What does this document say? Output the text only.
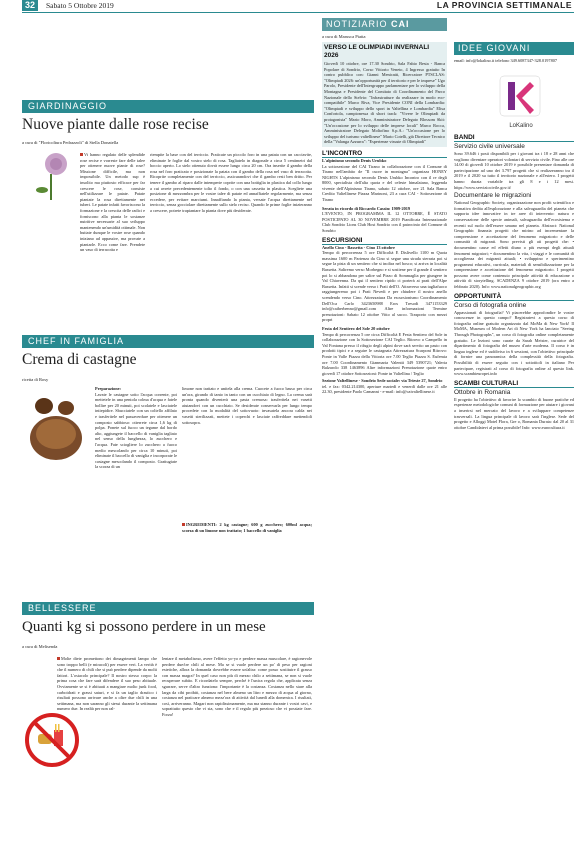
32	Sabato 5 Ottobre 2019	LA PROVINCIA SETTIMANALE
GIARDINAGGIO
Nuove piante dalle rose recise
a cura di "Floricoltura Pedrazzoli" di Stella Donatella
Vi hanno regalato delle splendide rose recise e vorreste fare delle talee per ottenere nuove piante di rose? Missione difficile, ma non impossibile. Un metodo sup è insolito ma piuttosto efficace per far crescere le rose, consiste nell'utilizzare le patate. Patate piantate la rosa direttamente nei tuberi. Le patate infatti favoriscono la formazione e la crescita delle radici e forniscono alla pianta le sostanze nutritive necessarie al suo sviluppo mantenendo un'umidità ottimale. Non buttate dunque le vostre rose quando iniziano ad appassire, ma provate a piantarle. Ecco come fare. Prendete un vaso di terracotta e
riempite la base con del terriccio. Praticate un piccolo foro in una patata con un cacciavite, eliminate le foglie dal vostro stelo di rosa. Tagliatelo in diagonale a circa 5 centimetri dal boccio aperto. Lo stelo ottenuto dovrà essere lungo circa 20 cm. Ora inserite il gambo della rosa nel foro praticato e posizionate la patata con il gambo della rosa nel vaso di terracotta. Ricoprite completamente con del terriccio, assicurandovi che il gambo resti ben dritto. Per tenere il gambo al riparo dalle intemperie coprite con una bottiglia in plastica dal collo lungo a cui avrete precedentemente tolto il fondo, o con una cassetta in plastica. Scegliete una posizione di mezzombra per le vostre talee di patate ed annaffiatele regolarmente, ma senza eccedere, per evitare marciumi. Innaffiando la pianta, versate l'acqua direttamente nel terriccio, senza gocciolare direttamente sullo stelo reciso. Quando le prime foglie inizieranno a crescere, potrete trapiantare la pianta dove più desiderate.
CHEF IN FAMIGLIA
Crema di castagne
ricetta di Rosy
Preparazione:
Lavate le castagne sotto l'acqua corrente, poi mettetele in una pentola colma d'acqua e fatele bollire per 20 minuti, poi scolatele e lasciatele intiepidire. Sbucciatele con un coltello affilato e trasferitele nel passaverdure per ottenere un composto sabbioso: otterrete circa 1,6 kg di polpa. Ponete sul fuoco un tegame dal bordo alto, aggiungete il baccello di vaniglia tagliato nel senso della lunghezza, lo zucchero e l'acqua. Fate sciogliere lo zucchero a fuoco medio mescolando per circa 10 minuti, poi eliminate il baccello di vaniglia e incorporate le castagne mescolando il composto. Grattugiate la scorza di un
limone non trattato e unitela alla crema. Cuocete a fuoco basso per circa un'ora, girando di tanto in tanto con un cucchiaio di legno. La crema sarà pronta quando diventerà una pasta cremosa: trasferitela nei vasetti aiutandovi con un cucchiaio. Se desiderate conservarla per lungo tempo procedete con la modalità del sottovuoto: invasatela ancora calda nei vasetti sterilizzati, mettete i coperchi e lasciate raffreddare mettendoli sottosopra.
INGREDIENTI: 2 kg castagne; 600 g zucchero; 600ml acqua; scorza di un limone non trattato; 1 baccello di vaniglia
BELLESSERE
Quanti kg si possono perdere in un mese
a cura di Melisenda
Molte diete promettono dei dimagrimenti lampo che sono troppo belli (e miracoli) per essere veri. La verità è che il numero di chili che si può perdere dipende da molti fattori. L'ostacolo principale? Il nostro stesso corpo: la prima cosa che fare sarà difendere il suo peso abituale. Ovviamente se si è abituati a mangiare molto junk food, carboidrati e grassi saturi, e si fa un taglio drastico i risultati possono arrivare anche a oltre due chili in una settimana, ma non saranno gli stessi durante la settimana numero due. In realtà per non ral-
lentare il metabolismo, avere l'effetto yo-yo e perdere massa muscolare, è ragionevole perdere due/tre chili al mese. Ma se si vuole perdere un po' di peso per ragioni estetiche, allora la domanda dovrebbe essere un'altra: come posso sostituire il grasso con massa magra? In quel caso non più di mezzo chilo a settimana, se non si vuole recuperare subito. E ricordatelo sempre, perché è l'unica regola che, applicata senza sgarrare, serve d'altro funziona: l'importante è la costanza. Costanza nello stare alla larga da cibi proibiti, costanza nel bere almeno un litro e mezzo di acqua al giorno, costanza nel praticare almeno mezz'ora di attività dal lunedì alla domenica. I risultati, così, arriveranno. Magari non rapidissimamente, ma ma stanno durante i vostri cavi, e soprattutto questo che vi sta, sono che e il regalo più prezioso che vi possiate fare. Forza!
NOTIZIARIO CAI
a cura di Marusca Piatta
VERSO LE OLIMPIADI INVERNALI 2026
Giovedì 10 ottobre, ore 17.30 Sondrio, Sala Fabio Besta - Banca Popolare di Sondrio, Corso Vittorio Veneto, 4 Ingresso gratuito In contro pubblico con: Gianni Menicatti, Ricercatore PTSCLAS: "Olimpiadi 2026: un'opportunità per il territorio e per le imprese" Ugo Parolo, Presidente dell'Intergruppo parlamentare per lo sviluppo della Montagna e Presidente del Comitato di Coordinamento del Parco Nazionale dello Stelvio: "Infrastrutture da realizzare in modo eco-compatibile" Marco Riva, Vice Presidente CONI della Lombardia: "Olimpiadi e sviluppo dello sport in Valtellina e Lombardia" Elisa Confortola, campionessa di short track: "Vivere le Olimpiadi da protagonista" Mario Moro, Amministratore Delegato Blossom Skit: "Un'occasione per lo sviluppo delle imprese locali" Marco Rocca, Amministratore Delegato Moltofino S.p.A.: "Un'occasione per lo sviluppo del turismo valtellinese" Mario Cotelli, già Direttore Tecnico della "Valanga Azzurra": "Esperienze vissute di Olimpiadi"
L'INCONTRO
L'alpinismo secondo Denis Urubko
La sottosezione del CAI Tirano in collaborazione con il Comune di Tirano nell'ambito de "Il cuore in montagna" organizza HONEY NIGHTS L'alpinismo secondo Denis Urubko Incontro con il re degli 8000, specialista dell'alta quota e del celeste himalaiano, leggenda vivente dell'Alpinismo Tirano, sabato 12 ottobre, ore 21 Sala Banca Credito Valtellinese Piazza Marinoni, 23 a cura CAI - Sottosezione di Tirano
Serata in ricordo di Riccardo Cassin: 1909-2019
L'EVENTO, IN PROGRAMMA IL 12 OTTOBRE, È STATO POSTICIPATO AL 30 NOVEMBRE 2019 Pianificata Internazionale Club Sondrio Lions Club Host Sondrio con il patrocinio del Comune di Sondrio
ESCURSIONI
Anello Cino - Bassetta - Cino 13 ottobre
Tempo di percorrenza 5 ore Difficoltà E Dislivello 1100 m Quota massima 1600 m Partenza da Cino si segue una strada sterrata poi si segue la pista di un sentiero che si inoltra nel bosco; si arriva in località Bassetta. Saliremo verso Morbegno e si sostiene per il grande il sentiero poi lo si abbandona per salire sul Pizzo di Sommaglia per giungere in Val Chiavenna. Da qui il sentiero ripido ci porterà ai prati dell'Alpe Bassetta. Infatti si scende verso i Prati dell'O. Attraverso una tagliafuoco raggiungeremo poi i Prati Nevedi e per chiudere il nostro anello scendendo verso Cino. Attrezzatura Da escursionismo Coordinamento Dell'Oca Carlo 3423650988 Eros Tresodi 3471153329 info@caiberbenno@gmail.com Altre informazioni Termine prenotazioni: Sabato 12 ottobre Vitto al sacco. Trasporto con mezzi propri
Festa del Sentiero del Sole 20 ottobre
Tempo di percorrenza 5 ore circa Difficoltà E Festa Sentiero del Sole in collaborazione con la Sottosezione CAI Teglio. Ritrovo a Campello in Val Fontana presso il rifugio degli alpini dove sarà servito un pasto con prodotti tipici e a seguire le castagnata Attrezzatura Scarponi Ritrovo: Ponte in Valle Piazza della Vittoria ore 7.00 Teglio Piazza S. Eufemia ore 7.00 Coordinamento Gianmaria Valentti 349 5390721; Valeria Balzarolo 338 1463896 Altre informazioni Prenotazione quote entro giovedì 17 ottobre Sottosezioni: Ponte in Valtellina / Teglio
Sezione Valtellinese - Sondrio Sede sociale: via Trieste 27, Sondrio
tel. e fax: 0342.214300, aperture martedì e venerdì dalle ore 21 alle 22.30, presidente Paolo Camanni - e-mail: info@caivaltellinese.it
IDEE GIOVANI
email: info@lokalino.it telefono 349.6087347-328.0197807
LoKalino
BANDI
Servizio civile universale
Sono 39.646 i posti disponibili per i giovani tra i 18 e 28 anni che vogliono diventare operatori volontari di servizio civile. Fino alle ore 14.00 di giovedì 10 ottobre 2019 è possibile presentare domanda di partecipazione ad uno dei 3.797 progetti che si realizzeranno tra il 2019 e il 2020 su tutto il territorio nazionale e all'estero. I progetti hanno durata variabile tra gli 8 e i 12 mesi. https://www.serviziocivile.gov.it/
Documentare le migrazioni
National Geographic Society, organizzazione non profit scientifica e formativa dedita all'esplorazione e alla salvaguardia del pianeta che supporta idee innovative in tre aree di intervento: natura e conservazione delle specie animali, salvaguardia dell'ecosistema e recenti sul ruolo dell'essere umano nel pianeta. Abstract: National Geographic finanzia progetti che mirino ad incrementare la comprensione e accettazione del fenomeno migratorio e delle comunità di migranti. Sono previsti gli ati progetti che: • documentino cause ed effetti diuno o più esempi degli attuali fenomeni migratori; • documentino la vita, i viaggi e le comunità di accoglienza dei migranti attuali; • sviluppino e sperimentino programmi educativi, curricula, materiali di sensibilizzazione per la comprensione e accettazione del fenomeno migratorio. I progetti possono avere come contenuto principale attività di educazione o attività di storytelling. SCADENZA 9 ottobre 2019 (ora entro a febbraio 2020). Info: www.nationalgeographic.org
OPPORTUNITÀ
Corso di fotografia online
Appassionati di fotografia? Vi piacerebbe approfondire le vostre conoscenze in questo campo? Registratevi a questo corso di fotografia online gratuito organizzato dal MoMa di New York! Il MoMA, Museum of Modern Art di New York ha lanciato "Seeing Through Photographs", un corso di fotografia online completamente gratuito. Le lezioni sono curate da Sarah Meister, curatrice del dipartimento di fotografia del museo d'arte moderna. Il corso è in lingua inglese ed è suddiviso in 6 sessioni, con l'obiettivo principale di fornire una panoramica della complessità della fotografia. Possibilità di essere seguito con i sottotitoli in italiano Per partecipare, registrati al corso di fotografia online al questo link. www.scambieuropei.info
SCAMBI CULTURALI
Ottobre in Romania
Il progetto ha l'obiettivo di favorire lo scambio di buone pratiche ed esperienze metodologiche comuni di formazione per aiutare i giovani a inserirsi nel mercato del lavoro e a sviluppare competenze trasversali. La lingua principale di lavoro sarà l'inglese. Sede del progetto e Alloggi Motel Flora, Gre o, Romania Durata: dal 20 al 31 ottobre Candidatevi al prima possibile! Info: www.eurocultura.it
